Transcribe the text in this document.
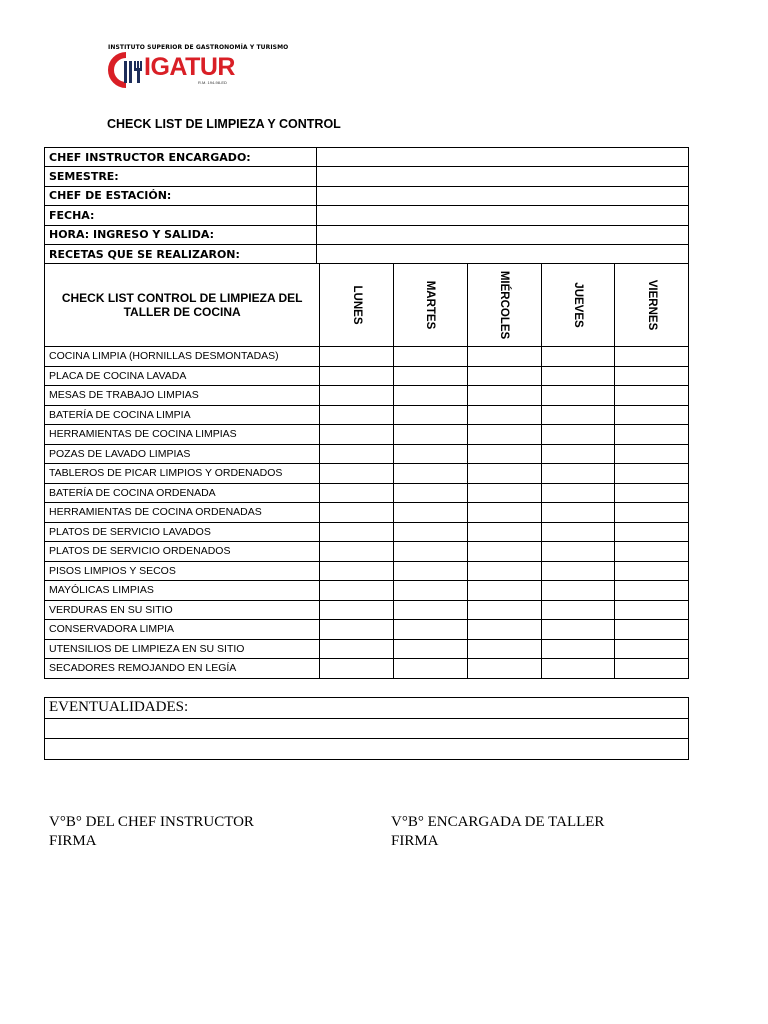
INSTITUTO SUPERIOR DE GASTRONOMÍA Y TURISMO
IGATUR
R.M. 194-98-ED
CHECK LIST DE LIMPIEZA Y CONTROL
CHEF INSTRUCTOR ENCARGADO:	
SEMESTRE:	
CHEF DE ESTACIÓN:	
FECHA:	
HORA: INGRESO Y SALIDA:	
RECETAS QUE SE REALIZARON:	
CHECK LIST CONTROL DE LIMPIEZA DEL TALLER DE COCINA	LUNES	MARTES	MIÉRCOLES	JUEVES	VIERNES

COCINA LIMPIA (HORNILLAS DESMONTADAS)					
PLACA DE COCINA LAVADA					
MESAS DE TRABAJO LIMPIAS					
BATERÍA DE COCINA LIMPIA					
HERRAMIENTAS DE COCINA LIMPIAS					
POZAS DE LAVADO LIMPIAS					
TABLEROS DE PICAR LIMPIOS Y ORDENADOS					
BATERÍA DE COCINA ORDENADA					
HERRAMIENTAS DE COCINA ORDENADAS					
PLATOS DE SERVICIO LAVADOS					
PLATOS DE SERVICIO ORDENADOS					
PISOS LIMPIOS Y SECOS					
MAYÓLICAS LIMPIAS					
VERDURAS EN SU SITIO					
CONSERVADORA LIMPIA					
UTENSILIOS DE LIMPIEZA EN SU SITIO					
SECADORES REMOJANDO EN LEGÍA					
EVENTUALIDADES:

V°B° DEL CHEF INSTRUCTOR
FIRMA
V°B° ENCARGADA DE TALLER
FIRMA
